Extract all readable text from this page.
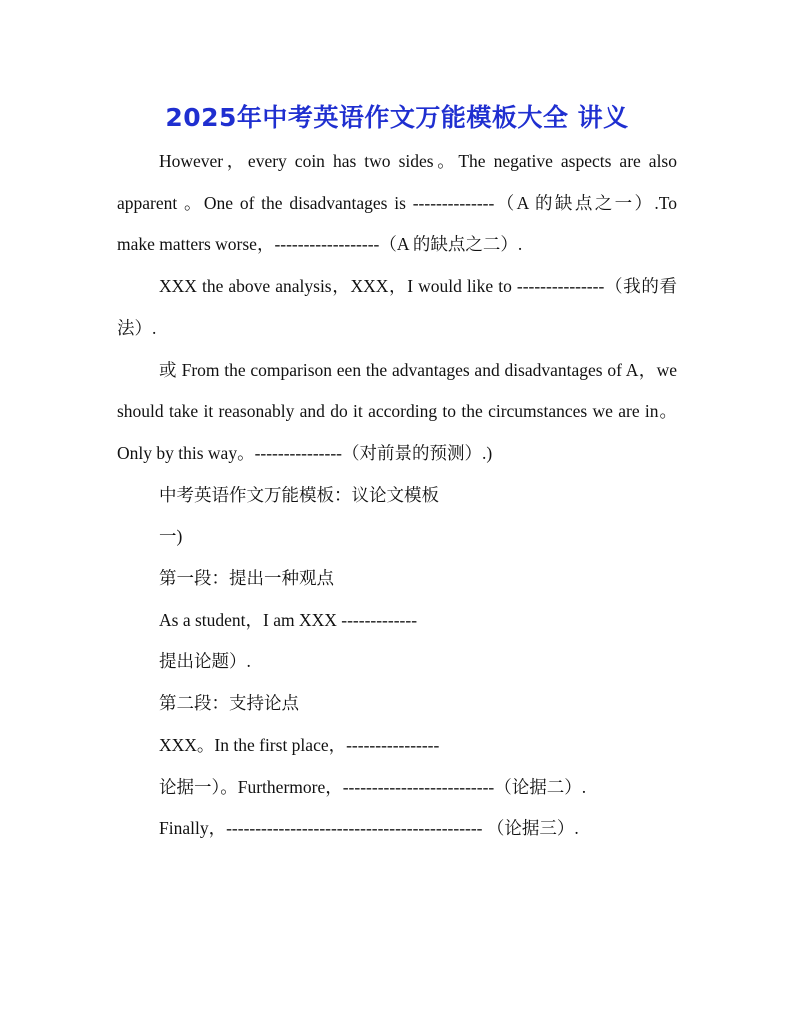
2025年中考英语作文万能模板大全 讲义

However，every coin has two sides。The negative aspects are also apparent 。One of the disadvantages is --------------（A 的缺点之一）.To make matters worse，------------------（A 的缺点之二）.

XXX the above analysis，XXX，I would like to ---------------（我的看法）.

或 From the comparison een the advantages and disadvantages of A，we should take it reasonably and do it according to the circumstances we are in。Only by this way。---------------（对前景的预测）.)

中考英语作文万能模板：议论文模板

一)

第一段：提出一种观点

As a student，I am XXX -------------

提出论题）.

第二段：支持论点

XXX。In the first place，----------------

论据一）。Furthermore，--------------------------（论据二）.

Finally，-------------------------------------------- （论据三）.
